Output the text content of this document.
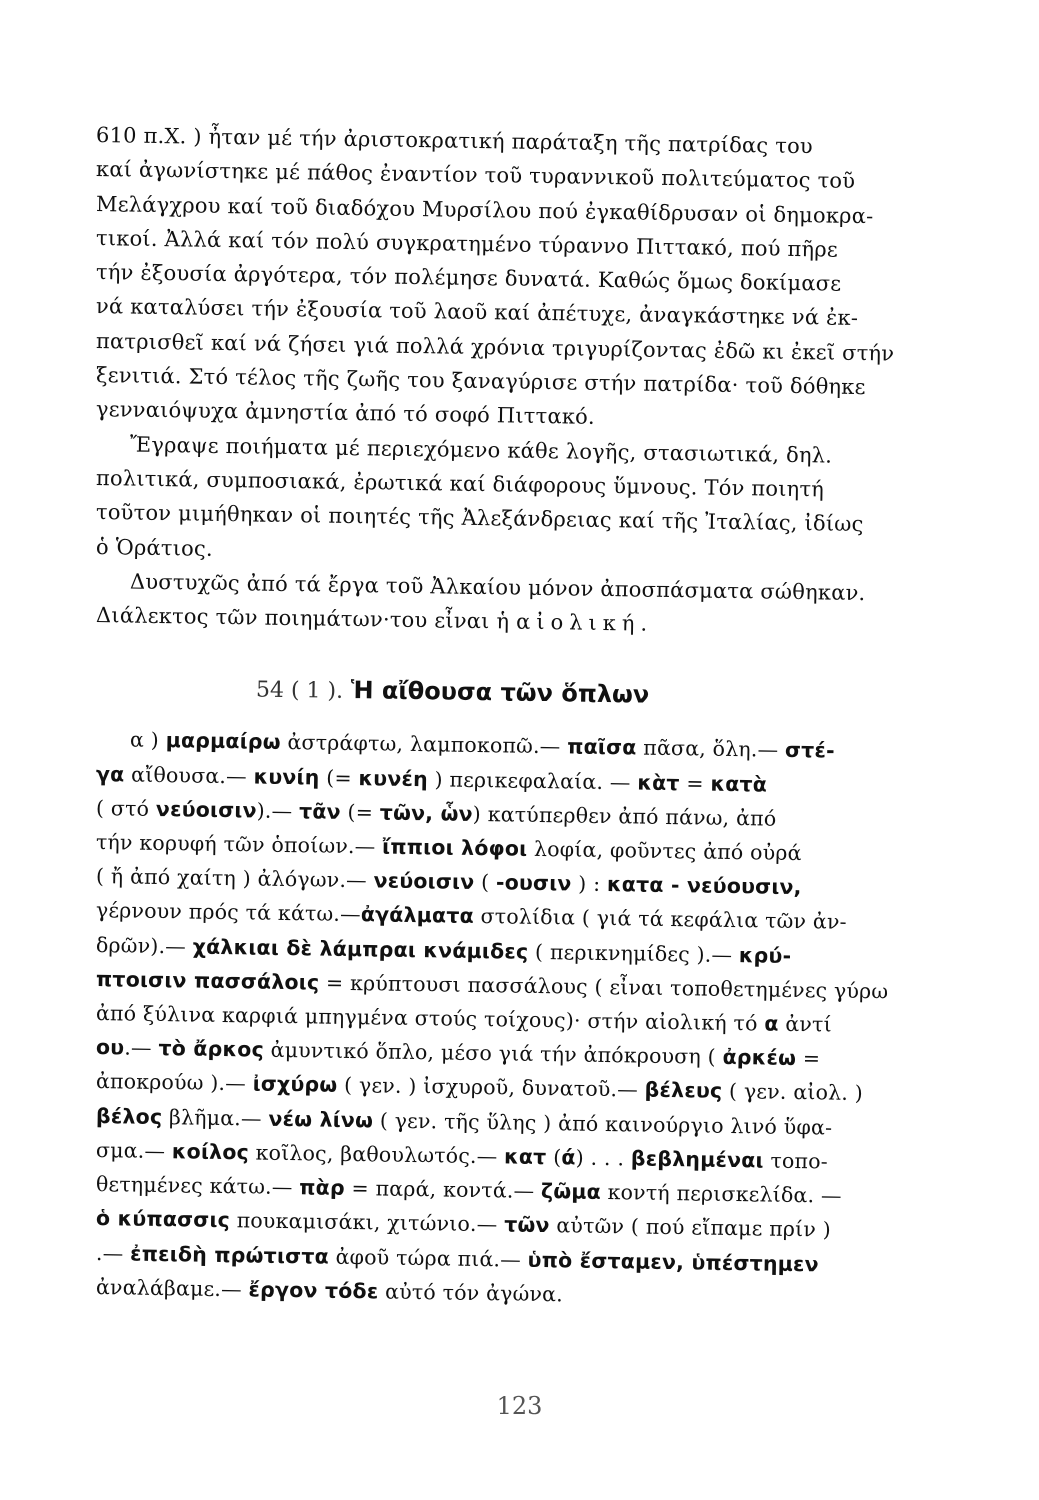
610 π.Χ. ) ἦταν μέ τήν ἀριστοκρατική παράταξη τῆς πατρίδας του
καί ἀγωνίστηκε μέ πάθος ἐναντίον τοῦ τυραννικοῦ πολιτεύματος τοῦ
Μελάγχρου καί τοῦ διαδόχου Μυρσίλου πού ἐγκαθίδρυσαν οἱ δημοκρα-
τικοί. Ἀλλά καί τόν πολύ συγκρατημένο τύραννο Πιττακό, πού πῆρε
τήν ἐξουσία ἀργότερα, τόν πολέμησε δυνατά. Καθώς ὅμως δοκίμασε
νά καταλύσει τήν ἐξουσία τοῦ λαοῦ καί ἀπέτυχε, ἀναγκάστηκε νά ἐκ-
πατρισθεῖ καί νά ζήσει γιά πολλά χρόνια τριγυρίζοντας ἐδῶ κι ἐκεῖ στήν
ξενιτιά. Στό τέλος τῆς ζωῆς του ξαναγύρισε στήν πατρίδα· τοῦ δόθηκε
γενναιόψυχα ἀμνηστία ἀπό τό σοφό Πιττακό.
Ἔγραψε ποιήματα μέ περιεχόμενο κάθε λογῆς, στασιωτικά, δηλ.
πολιτικά, συμποσιακά, ἐρωτικά καί διάφορους ὕμνους. Τόν ποιητή
τοῦτον μιμήθηκαν οἱ ποιητές τῆς Ἀλεξάνδρειας καί τῆς Ἰταλίας, ἰδίως
ὁ Ὁράτιος.
Δυστυχῶς ἀπό τά ἔργα τοῦ Ἀλκαίου μόνον ἀποσπάσματα σώθηκαν.
Διάλεκτος τῶν ποιημάτων·του εἶναι ἡ αἰολική.
54 ( 1 ). Ἡ αἴθουσα τῶν ὅπλων
α ) μαρμαίρω ἀστράφτω, λαμποκοπῶ.— παῖσα πᾶσα, ὅλη.— στέ-
γα αἴθουσα.— κυνίη (= κυνέη ) περικεφαλαία. — κὰτ = κατὰ
( στό νεύοισιν).— τᾶν (= τῶν, ὧν) κατύπερθεν ἀπό πάνω, ἀπό
τήν κορυφή τῶν ὁποίων.— ἴππιοι λόφοι λοφία, φοῦντες ἀπό οὐρά
( ἤ ἀπό χαίτη ) ἀλόγων.— νεύοισιν ( -ουσιν ) : κατα - νεύουσιν,
γέρνουν πρός τά κάτω.—ἀγάλματα στολίδια ( γιά τά κεφάλια τῶν ἀν-
δρῶν).— χάλκιαι δὲ λάμπραι κνάμιδες ( περικνημίδες ).— κρύ-
πτοισιν πασσάλοις = κρύπτουσι πασσάλους ( εἶναι τοποθετημένες γύρω
ἀπό ξύλινα καρφιά μπηγμένα στούς τοίχους)· στήν αἰολική τό α ἀντί
ου.— τὸ ἄρκος ἀμυντικό ὅπλο, μέσο γιά τήν ἀπόκρουση ( ἀρκέω =
ἀποκρούω ).— ἰσχύρω ( γεν. ) ἰσχυροῦ, δυνατοῦ.— βέλευς ( γεν. αἰολ. )
βέλος βλῆμα.— νέω λίνω ( γεν. τῆς ὕλης ) ἀπό καινούργιο λινό ὕφα-
σμα.— κοίλος κοῖλος, βαθουλωτός.— κατ (ά) . . . βεβλημέναι τοπο-
θετημένες κάτω.— πὰρ = παρά, κοντά.— ζῶμα κοντή περισκελίδα. —
ὁ κύπασσις πουκαμισάκι, χιτώνιο.— τῶν αὐτῶν ( πού εἴπαμε πρίν )
.— ἐπειδὴ πρώτιστα ἀφοῦ τώρα πιά.— ὑπὸ ἔσταμεν, ὑπέστημεν
ἀναλάβαμε.— ἔργον τόδε αὐτό τόν ἀγώνα.
123
